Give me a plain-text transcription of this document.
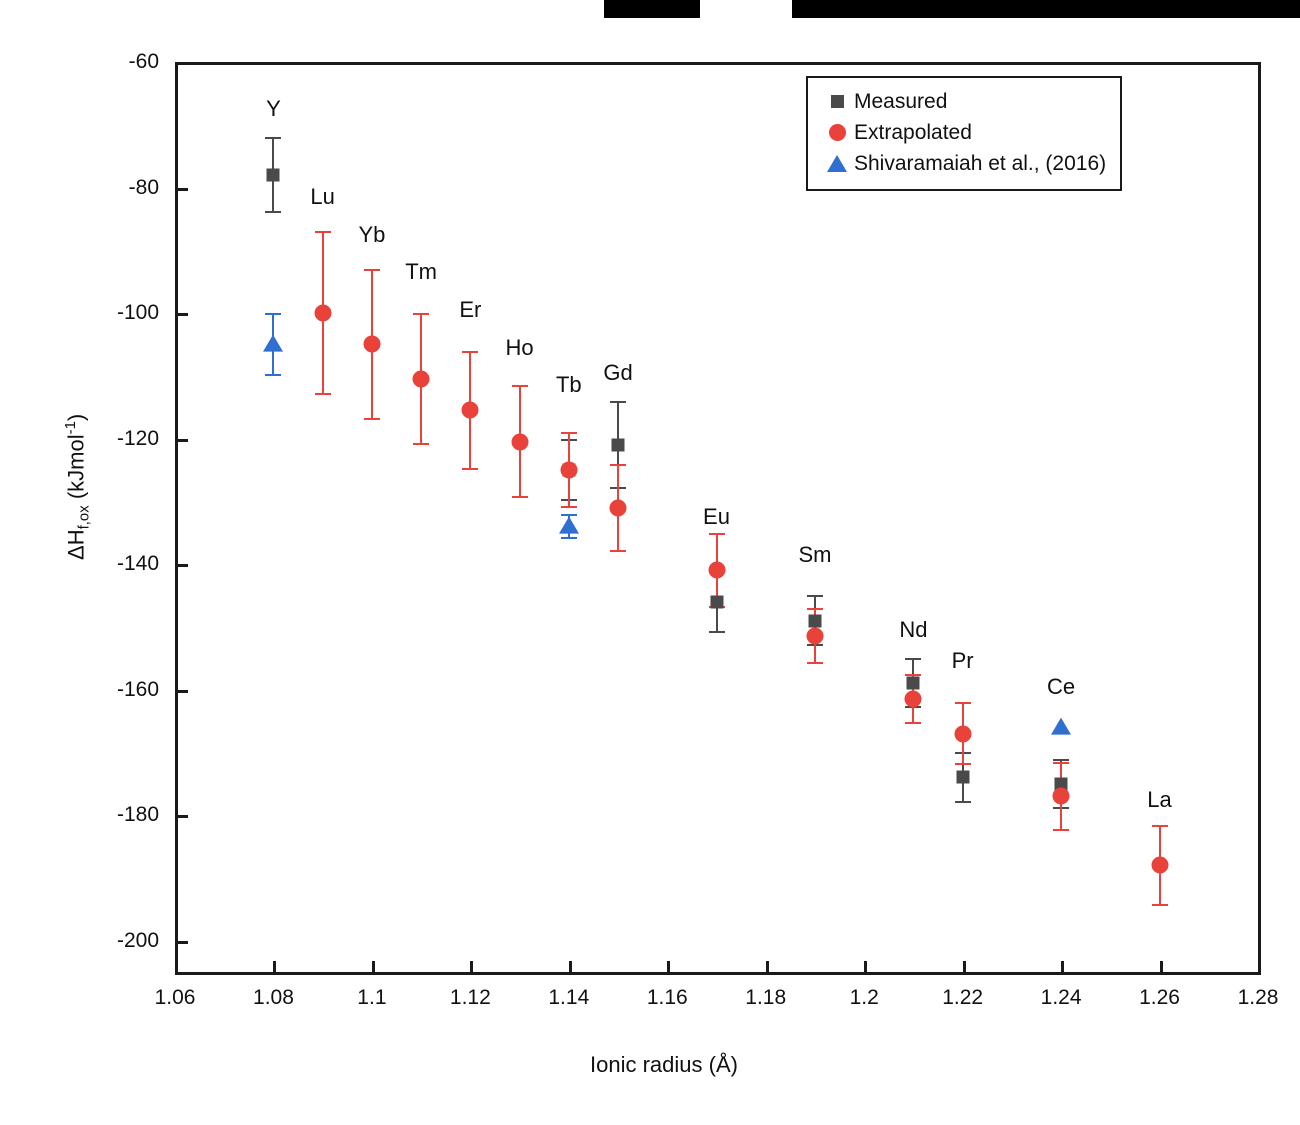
$\Delta H_{f,ox}$ (kJmol$^{-1}$)
Ionic radius (Å)
Measured
Extrapolated
Shivaramaiah et al., (2016)
1.06	1.08	1.1	1.12	1.14	1.16	1.18	1.2	1.22	1.24	1.26	1.28
-60
-80
-100
-120
-140
-160
-180
-200
Y
Lu
Yb
Tm
Er
Ho
Tb
Gd
Eu
Sm
Nd
Pr
Ce
La
